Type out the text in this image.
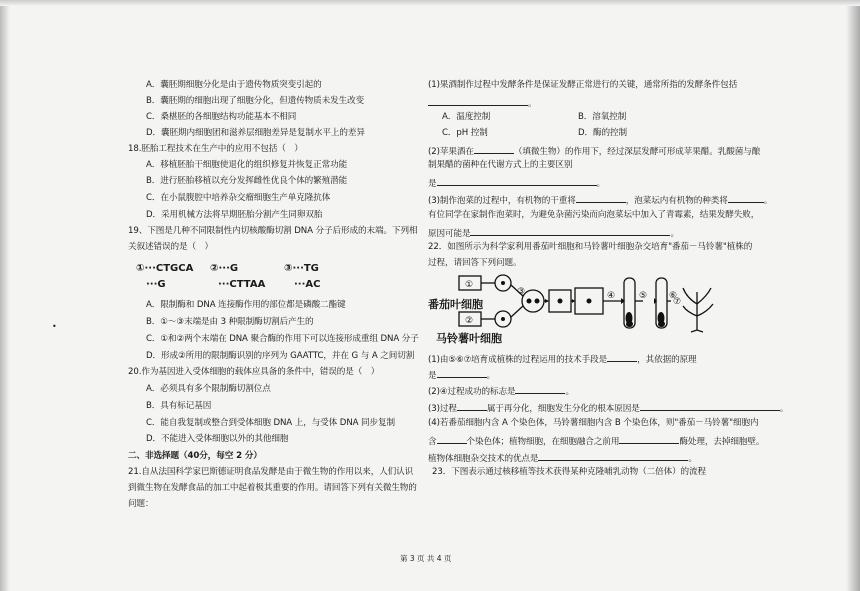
A．囊胚期细胞分化是由于遗传物质突变引起的
B．囊胚期的细胞出现了细胞分化，但遗传物质未发生改变
C．桑椹胚的各细胞结构功能基本不相同
D．囊胚期内细胞团和滋养层细胞差异是复制水平上的差异
18.胚胎工程技术在生产中的应用不包括（　）
A．移植胚胎干细胞使退化的组织修复并恢复正常功能
B．进行胚胎移植以充分发挥雌性优良个体的繁殖潜能
C．在小鼠腹腔中培养杂交瘤细胞生产单克隆抗体
D．采用机械方法将早期胚胎分割产生同卵双胎
19、下图是几种不同限制性内切核酸酶切割 DNA 分子后形成的末端。下列相
关叙述错误的是（　）
①···CTGCA
···G
②···G
···CTTAA
③···TG
···AC
A．限制酶和 DNA 连接酶作用的部位都是磷酸二酯键
B．①～③末端是由 3 种限制酶切割后产生的
C．①和②两个末端在 DNA 聚合酶的作用下可以连接形成重组 DNA 分子
D．形成②所用的限制酶识别的序列为 GAATTC，并在 G 与 A 之间切割
20.作为基因进入受体细胞的载体应具备的条件中，错误的是（　）
A．必须具有多个限制酶切割位点
B．具有标记基因
C．能自我复制或整合到受体细胞 DNA 上，与受体 DNA 同步复制
D．不能进入受体细胞以外的其他细胞
二、非选择题（40分，每空 2 分）
21.自从法国科学家巴斯德证明食品发酵是由于微生物的作用以来，人们认识
到微生物在发酵食品的加工中起着极其重要的作用。请回答下列有关微生物的
问题：
•
(1)果酒制作过程中发酵条件是保证发酵正常进行的关键，通常所指的发酵条件包括
。
A．温度控制	B．溶氧控制
C．pH 控制	D．酶的控制
(2)苹果酒在	（填微生物）的作用下，经过深层发酵可形成苹果醋。乳酸菌与酿
制果醋的菌种在代谢方式上的主要区别
是	。
(3)制作泡菜的过程中，有机物的干重将	，泡菜坛内有机物的种类将	。
有位同学在家制作泡菜时，为避免杂菌污染而向泡菜坛中加入了青霉素，结果发酵失败，
原因可能是	。
22．如图所示为科学家利用番茄叶细胞和马铃薯叶细胞杂交培育"番茄－马铃薯"植株的
过程，请回答下列问题。
①
②
③	④	⑤ ⑥
⑦
番茄叶细胞
马铃薯叶细胞
(1)由⑤⑥⑦培育成植株的过程运用的技术手段是	，其依据的原理
是	。
(2)④过程成功的标志是	。
(3)过程	属于再分化，细胞发生分化的根本原因是	。
(4)若番茄细胞内含 A 个染色体，马铃薯细胞内含 B 个染色体，则"番茄－马铃薯"细胞内
含	个染色体；植物细胞，在细胞融合之前用	酶处理，去掉细胞壁。
植物体细胞杂交技术的优点是	。
23．下图表示通过核移植等技术获得某种克隆哺乳动物（二倍体）的流程
第 3 页 共 4 页
